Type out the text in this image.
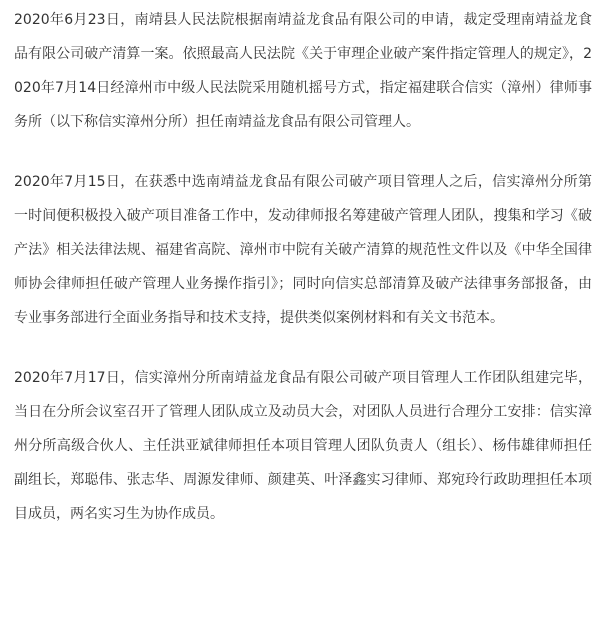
2020年6月23日，南靖县人民法院根据南靖益龙食品有限公司的申请，裁定受理南靖益龙食品有限公司破产清算一案。依照最高人民法院《关于审理企业破产案件指定管理人的规定》，2020年7月14日经漳州市中级人民法院采用随机摇号方式，指定福建联合信实（漳州）律师事务所（以下称信实漳州分所）担任南靖益龙食品有限公司管理人。

2020年7月15日，在获悉中选南靖益龙食品有限公司破产项目管理人之后，信实漳州分所第一时间便积极投入破产项目准备工作中，发动律师报名筹建破产管理人团队，搜集和学习《破产法》相关法律法规、福建省高院、漳州市中院有关破产清算的规范性文件以及《中华全国律师协会律师担任破产管理人业务操作指引》；同时向信实总部清算及破产法律事务部报备，由专业事务部进行全面业务指导和技术支持，提供类似案例材料和有关文书范本。

2020年7月17日，信实漳州分所南靖益龙食品有限公司破产项目管理人工作团队组建完毕，当日在分所会议室召开了管理人团队成立及动员大会，对团队人员进行合理分工安排：信实漳州分所高级合伙人、主任洪亚斌律师担任本项目管理人团队负责人（组长）、杨伟雄律师担任副组长，郑聪伟、张志华、周源发律师、颜建英、叶泽鑫实习律师、郑宛玲行政助理担任本项目成员，两名实习生为协作成员。
